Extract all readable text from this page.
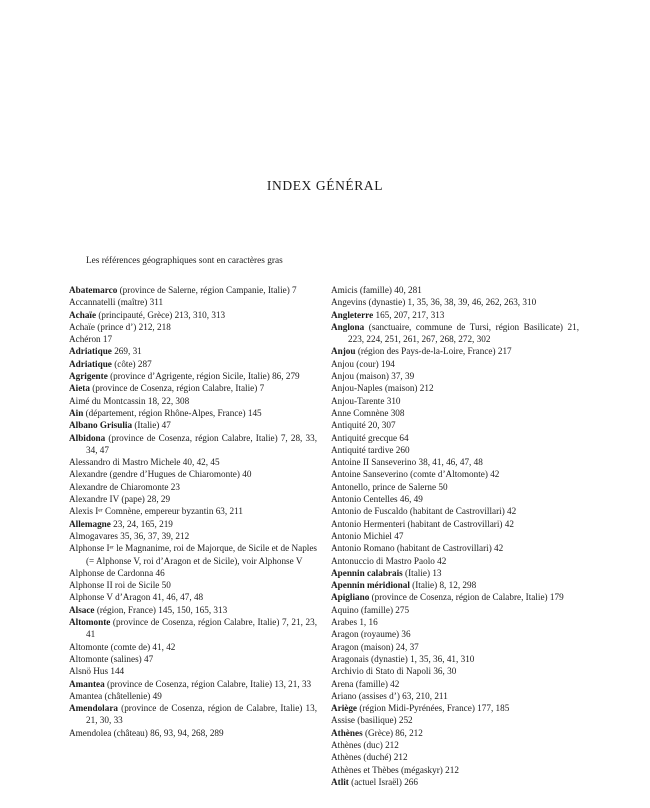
INDEX GÉNÉRAL
Les références géographiques sont en caractères gras
Abatemarco (province de Salerne, région Campanie, Italie) 7
Accannatelli (maître) 311
Achaïe (principauté, Grèce) 213, 310, 313
Achaïe (prince d’) 212, 218
Achéron 17
Adriatique 269, 31
Adriatique (côte) 287
Agrigente (province d’Agrigente, région Sicile, Italie) 86, 279
Aieta (province de Cosenza, région Calabre, Italie) 7
Aimé du Montcassin 18, 22, 308
Ain (département, région Rhône-Alpes, France) 145
Albano Grisulia (Italie) 47
Albidona (province de Cosenza, région Calabre, Italie) 7, 28, 33, 34, 47
Alessandro di Mastro Michele 40, 42, 45
Alexandre (gendre d’Hugues de Chiaromonte) 40
Alexandre de Chiaromonte 23
Alexandre IV (pape) 28, 29
Alexis Iᵉʳ Comnène, empereur byzantin 63, 211
Allemagne 23, 24, 165, 219
Almogavares 35, 36, 37, 39, 212
Alphonse Iᵉʳ le Magnanime, roi de Majorque, de Sicile et de Naples (= Alphonse V, roi d’Aragon et de Sicile), voir Alphonse V
Alphonse de Cardonna 46
Alphonse II roi de Sicile 50
Alphonse V d’Aragon 41, 46, 47, 48
Alsace (région, France) 145, 150, 165, 313
Altomonte (province de Cosenza, région Calabre, Italie) 7, 21, 23, 41
Altomonte (comte de) 41, 42
Altomonte (salines) 47
Alsnö Hus 144
Amantea (province de Cosenza, région Calabre, Italie) 13, 21, 33
Amantea (châtellenie) 49
Amendolara (province de Cosenza, région de Calabre, Italie) 13, 21, 30, 33
Amendolea (château) 86, 93, 94, 268, 289
Amicis (famille) 40, 281
Angevins (dynastie) 1, 35, 36, 38, 39, 46, 262, 263, 310
Angleterre 165, 207, 217, 313
Anglona (sanctuaire, commune de Tursi, région Basilicate) 21, 223, 224, 251, 261, 267, 268, 272, 302
Anjou (région des Pays-de-la-Loire, France) 217
Anjou (cour) 194
Anjou (maison) 37, 39
Anjou-Naples (maison) 212
Anjou-Tarente 310
Anne Comnène 308
Antiquité 20, 307
Antiquité grecque 64
Antiquité tardive 260
Antoine II Sanseverino 38, 41, 46, 47, 48
Antoine Sanseverino (comte d’Altomonte) 42
Antonello, prince de Salerne 50
Antonio Centelles 46, 49
Antonio de Fuscaldo (habitant de Castrovillari) 42
Antonio Hermenteri (habitant de Castrovillari) 42
Antonio Michiel 47
Antonio Romano (habitant de Castrovillari) 42
Antonuccio di Mastro Paolo 42
Apennin calabrais (Italie) 13
Apennin méridional (Italie) 8, 12, 298
Apigliano (province de Cosenza, région de Calabre, Italie) 179
Aquino (famille) 275
Arabes 1, 16
Aragon (royaume) 36
Aragon (maison) 24, 37
Aragonais (dynastie) 1, 35, 36, 41, 310
Archivio di Stato di Napoli 36, 30
Arena (famille) 42
Ariano (assises d’) 63, 210, 211
Ariège (région Midi-Pyrénées, France) 177, 185
Assise (basilique) 252
Athènes (Grèce) 86, 212
Athènes (duc) 212
Athènes (duché) 212
Athènes et Thèbes (mégaskyr) 212
Atlit (actuel Israël) 266
